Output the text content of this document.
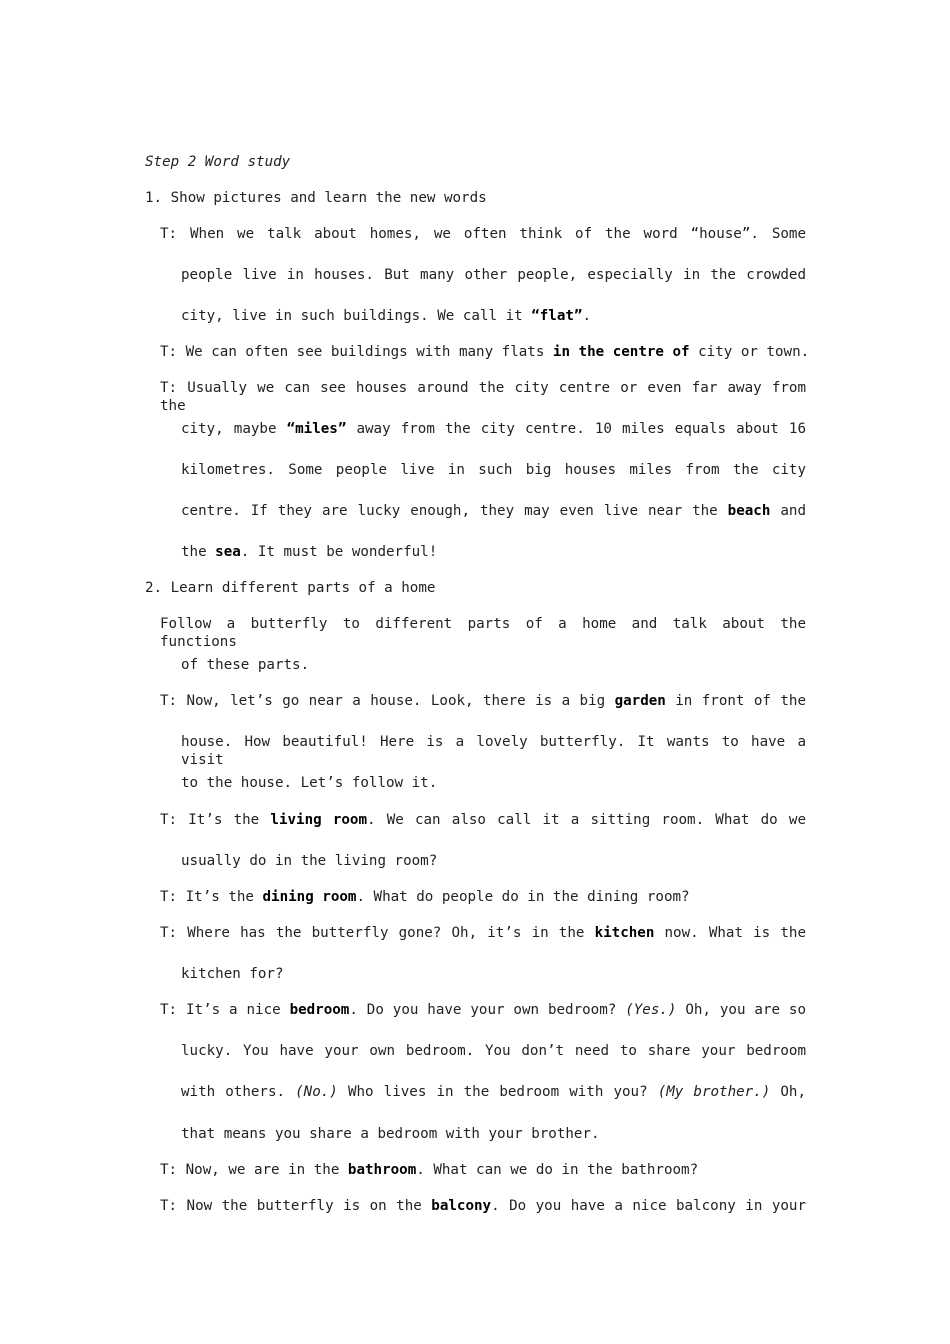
Step 2 Word study
1. Show pictures and learn the new words
T: When we talk about homes, we often think of the word “house”. Some
people live in houses. But many other people, especially in the crowded
city, live in such buildings. We call it “flat”.
T: We can often see buildings with many flats in the centre of city or town.
T: Usually we can see houses around the city centre or even far away from the
city, maybe “miles” away from the city centre. 10 miles equals about 16
kilometres. Some people live in such big houses miles from the city
centre. If they are lucky enough, they may even live near the beach and
the sea. It must be wonderful!
2. Learn different parts of a home
Follow a butterfly to different parts of a home and talk about the functions
of these parts.
T: Now, let’s go near a house. Look, there is a big garden in front of the
house. How beautiful! Here is a lovely butterfly. It wants to have a visit
to the house. Let’s follow it.
T: It’s the living room. We can also call it a sitting room. What do we
usually do in the living room?
T: It’s the dining room. What do people do in the dining room?
T: Where has the butterfly gone? Oh, it’s in the kitchen now. What is the
kitchen for?
T: It’s a nice bedroom. Do you have your own bedroom? (Yes.) Oh, you are so
lucky. You have your own bedroom. You don’t need to share your bedroom
with others. (No.) Who lives in the bedroom with you? (My brother.) Oh,
that means you share a bedroom with your brother.
T: Now, we are in the bathroom. What can we do in the bathroom?
T: Now the butterfly is on the balcony. Do you have a nice balcony in your
